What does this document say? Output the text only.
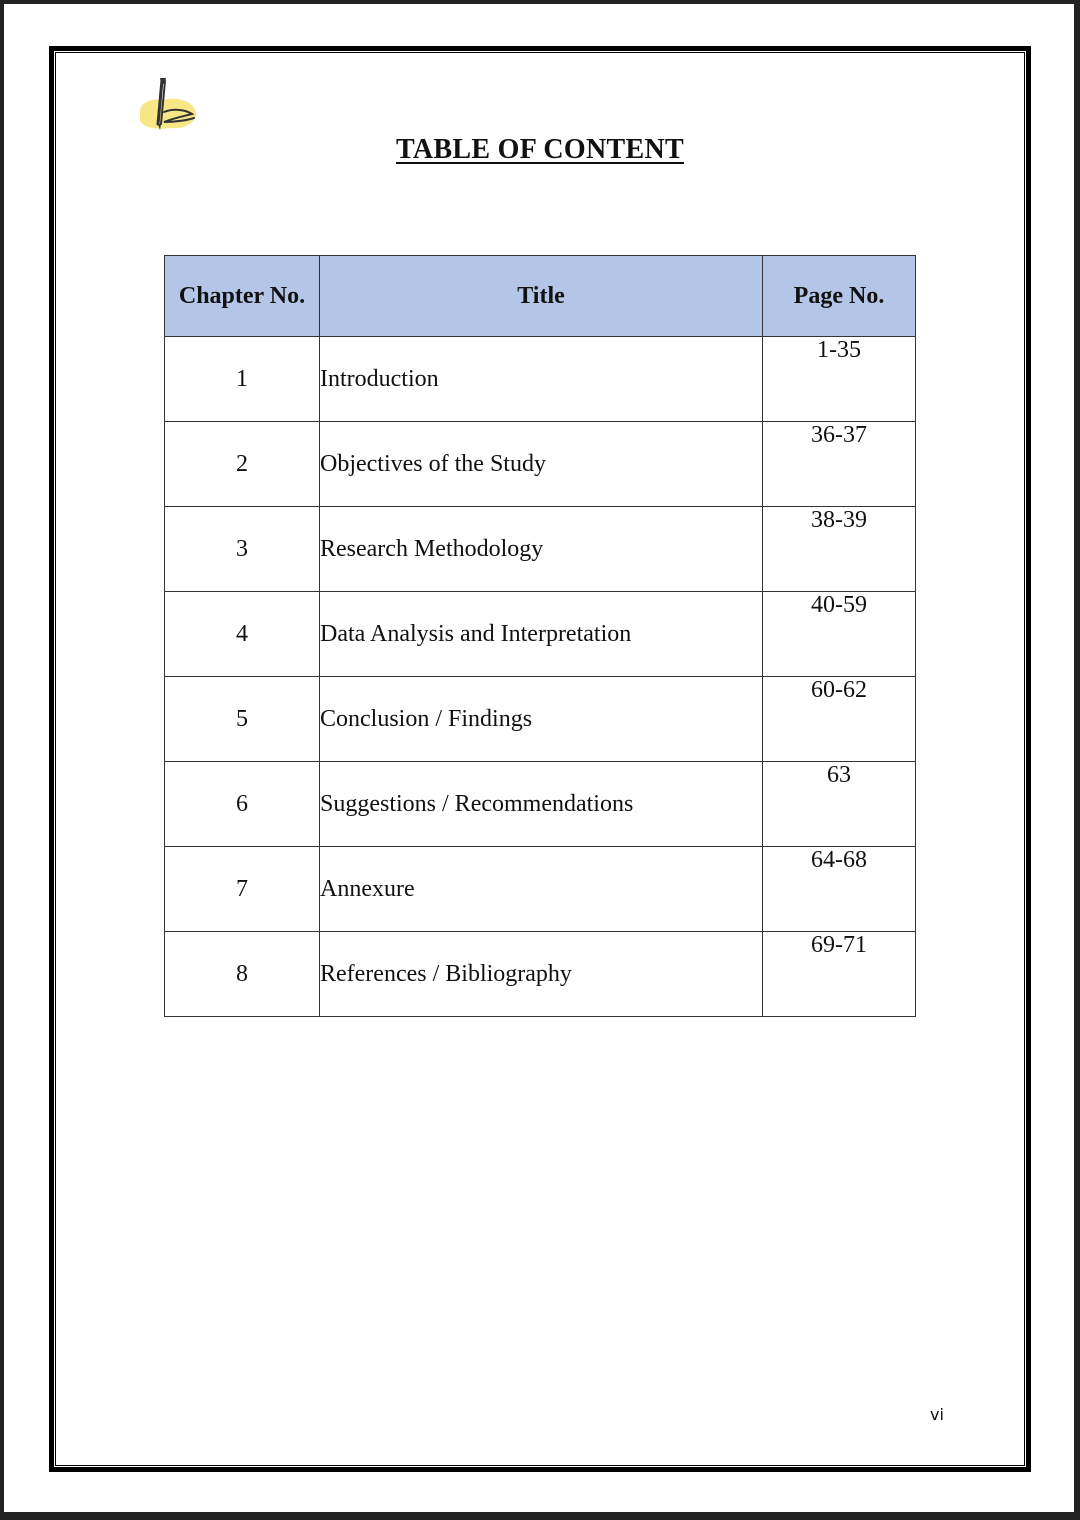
TABLE OF CONTENT
Chapter No.	Title	Page No.
1	Introduction	1-35
2	Objectives of the Study	36-37
3	Research Methodology	38-39
4	Data Analysis and Interpretation	40-59
5	Conclusion / Findings	60-62
6	Suggestions / Recommendations	63
7	Annexure	64-68
8	References / Bibliography	69-71
vi
